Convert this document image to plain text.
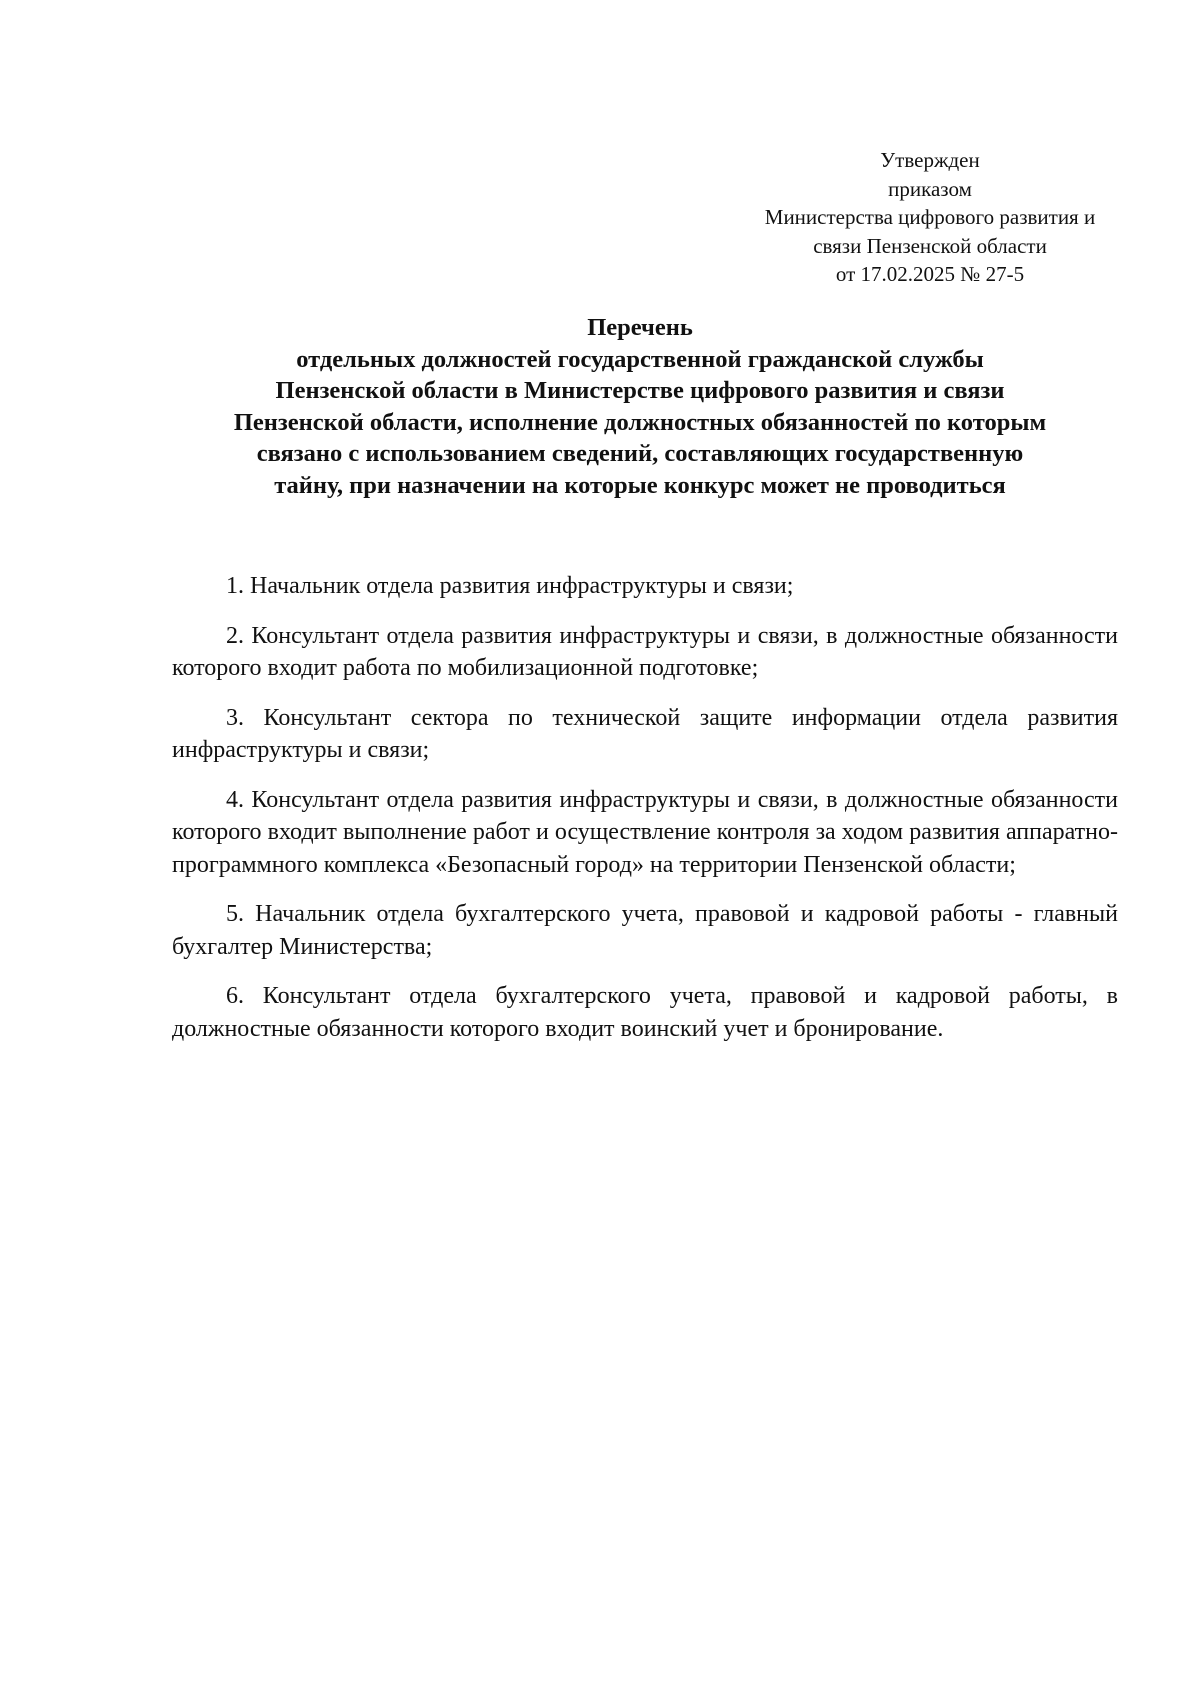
Утвержден
приказом
Министерства цифрового развития и
связи Пензенской области
от 17.02.2025 № 27-5
Перечень
отдельных должностей государственной гражданской службы
Пензенской области в Министерстве цифрового развития и связи
Пензенской области, исполнение должностных обязанностей по которым
связано с использованием сведений, составляющих государственную
тайну, при назначении на которые конкурс может не проводиться

1. Начальник отдела развития инфраструктуры и связи;

2. Консультант отдела развития инфраструктуры и связи, в должностные обязанности которого входит работа по мобилизационной подготовке;

3. Консультант сектора по технической защите информации отдела развития инфраструктуры и связи;

4. Консультант отдела развития инфраструктуры и связи, в должностные обязанности которого входит выполнение работ и осуществление контроля за ходом развития аппаратно-программного комплекса «Безопасный город» на территории Пензенской области;

5. Начальник отдела бухгалтерского учета, правовой и кадровой работы - главный бухгалтер Министерства;

6. Консультант отдела бухгалтерского учета, правовой и кадровой работы, в должностные обязанности которого входит воинский учет и бронирование.
